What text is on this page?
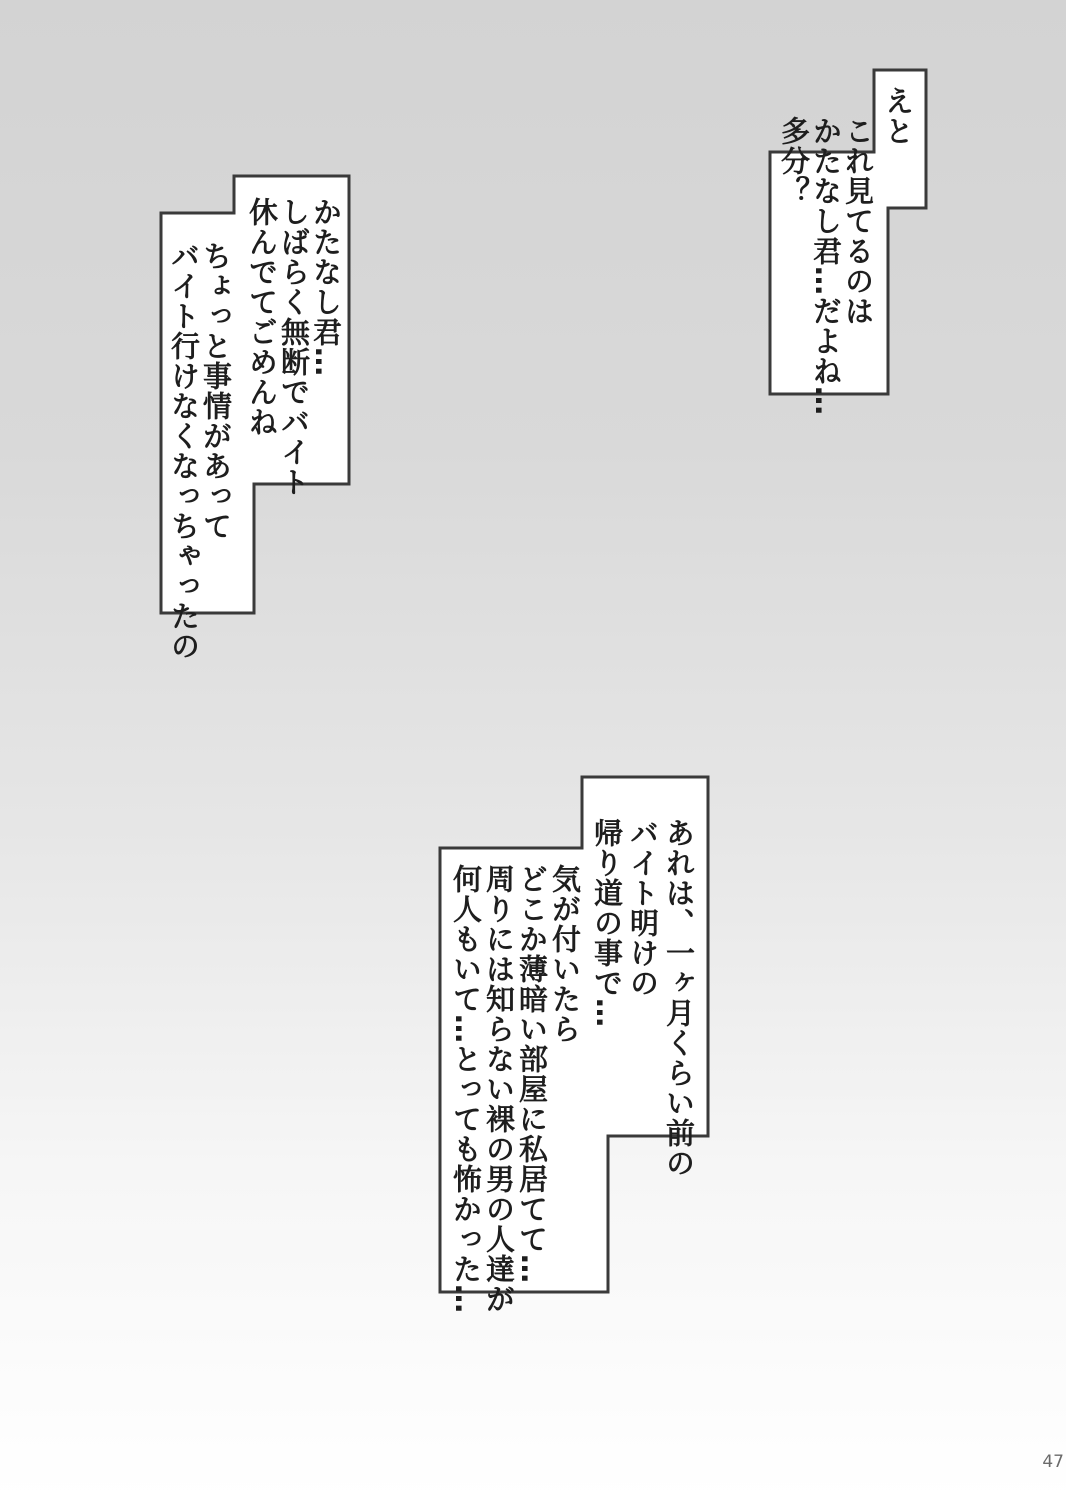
えと
これ見てるのは
かたなし君…だよね…
多分？
かたなし君…
しばらく無断でバイト
休んでてごめんね
ちょっと事情があって
バイト行けなくなっちゃったの
あれは、一ヶ月くらい前の
バイト明けの
帰り道の事で…
気が付いたら
どこか薄暗い部屋に私居てて…
周りには知らない裸の男の人達が
何人もいて…とっても怖かった…
47
